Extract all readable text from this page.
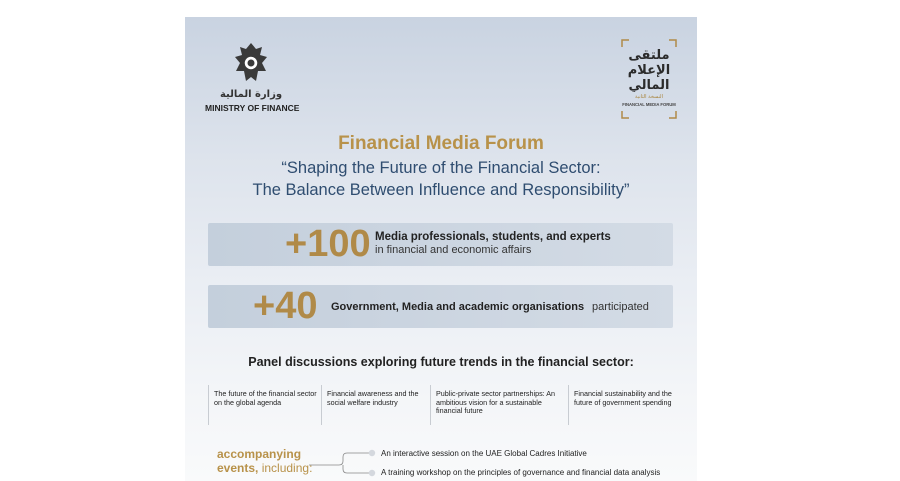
وزارة المالية
MINISTRY OF FINANCE
ملتقى الإعلام المالي
النسخة الثانية
FINANCIAL MEDIA FORUM
Financial Media Forum
“Shaping the Future of the Financial Sector:
The Balance Between Influence and Responsibility”
+100 Media professionals, students, and experts
in financial and economic affairs
+40 Government, Media and academic organisations participated
Panel discussions exploring future trends in the financial sector:
The future of the financial sector on the global agenda
Financial awareness and the social welfare industry
Public-private sector partnerships: An ambitious vision for a sustainable financial future
Financial sustainability and the future of government spending
accompanying
events, including:
An interactive session on the UAE Global Cadres Initiative
A training workshop on the principles of governance and financial data analysis
